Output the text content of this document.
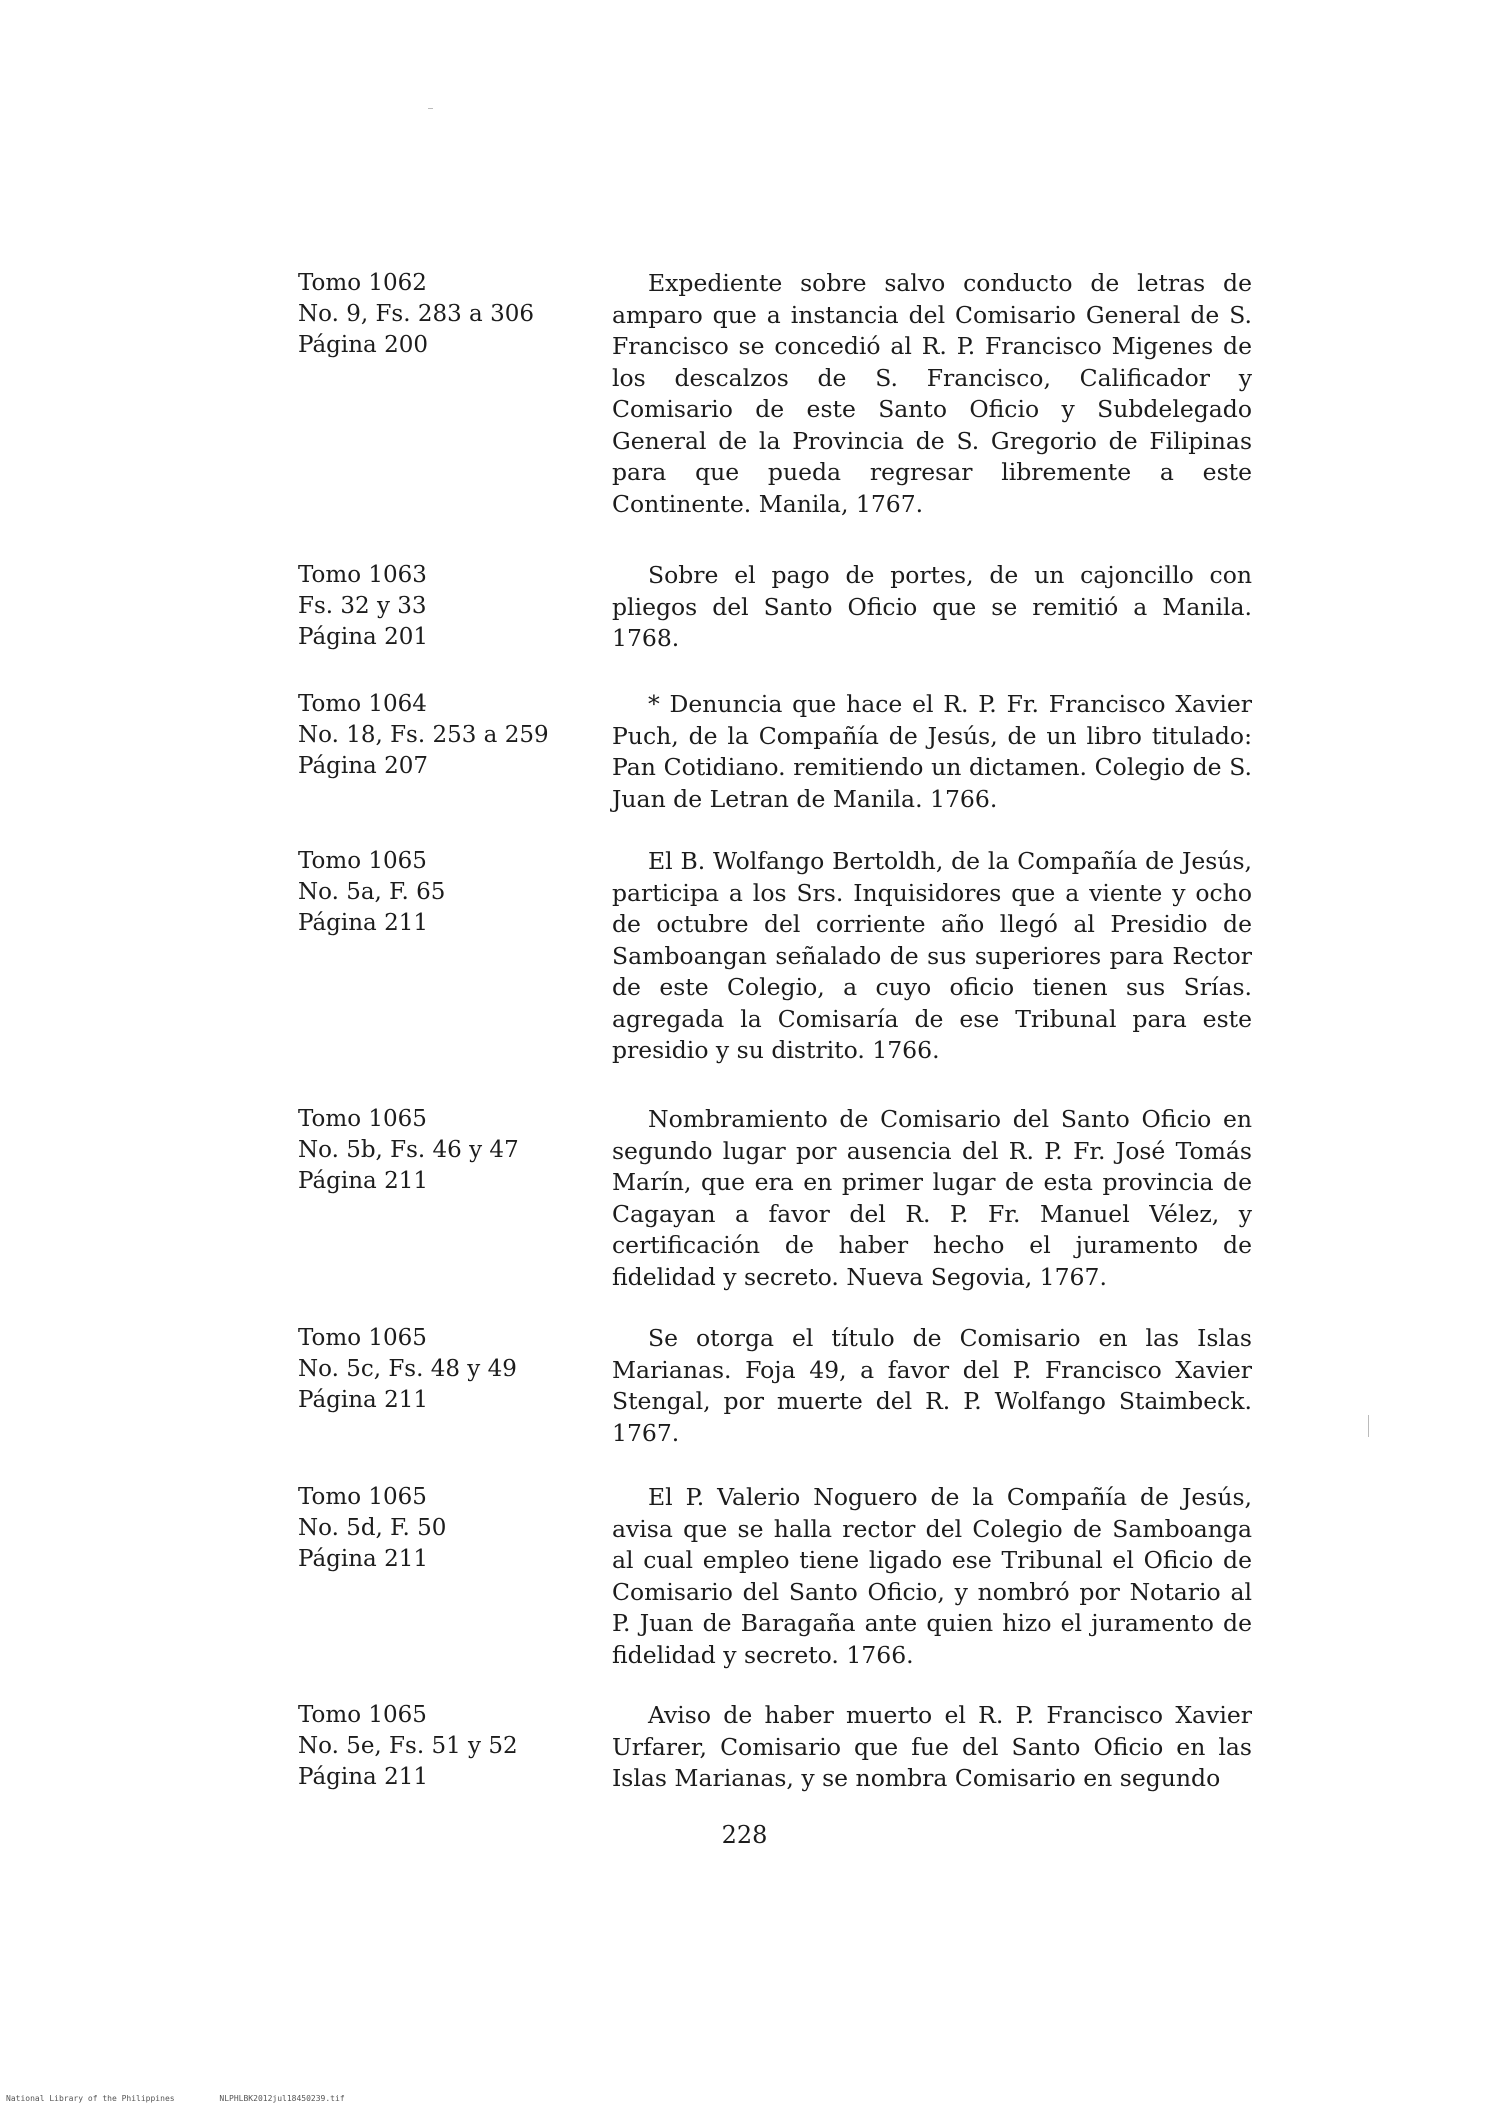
Tomo 1062
No. 9, Fs. 283 a 306
Página 200
Expediente sobre salvo conducto de letras de amparo que a instancia del Comisario General de S. Francisco se concedió al R. P. Francisco Migenes de los descalzos de S. Francisco, Calificador y Comisario de este Santo Oficio y Subdelegado General de la Provincia de S. Gregorio de Filipinas para que pueda regresar libremente a este Continente. Manila, 1767.
Tomo 1063
Fs. 32 y 33
Página 201
Sobre el pago de portes, de un cajoncillo con pliegos del Santo Oficio que se remitió a Manila. 1768.
Tomo 1064
No. 18, Fs. 253 a 259
Página 207
* Denuncia que hace el R. P. Fr. Francisco Xavier Puch, de la Compañía de Jesús, de un libro titulado: Pan Cotidiano. remitiendo un dictamen. Colegio de S. Juan de Letran de Manila. 1766.
Tomo 1065
No. 5a, F. 65
Página 211
El B. Wolfango Bertoldh, de la Compañía de Jesús, participa a los Srs. Inquisidores que a viente y ocho de octubre del corriente año llegó al Presidio de Samboangan señalado de sus superiores para Rector de este Colegio, a cuyo oficio tienen sus Srías. agregada la Comisaría de ese Tribunal para este presidio y su distrito. 1766.
Tomo 1065
No. 5b, Fs. 46 y 47
Página 211
Nombramiento de Comisario del Santo Oficio en segundo lugar por ausencia del R. P. Fr. José Tomás Marín, que era en primer lugar de esta provincia de Cagayan a favor del R. P. Fr. Manuel Vélez, y certificación de haber hecho el juramento de fidelidad y secreto. Nueva Segovia, 1767.
Tomo 1065
No. 5c, Fs. 48 y 49
Página 211
Se otorga el título de Comisario en las Islas Marianas. Foja 49, a favor del P. Francisco Xavier Stengal, por muerte del R. P. Wolfango Staimbeck. 1767.
Tomo 1065
No. 5d, F. 50
Página 211
El P. Valerio Noguero de la Compañía de Jesús, avisa que se halla rector del Colegio de Samboanga al cual empleo tiene ligado ese Tribunal el Oficio de Comisario del Santo Oficio, y nombró por Notario al P. Juan de Baragaña ante quien hizo el juramento de fidelidad y secreto. 1766.
Tomo 1065
No. 5e, Fs. 51 y 52
Página 211
Aviso de haber muerto el R. P. Francisco Xavier Urfarer, Comisario que fue del Santo Oficio en las Islas Marianas, y se nombra Comisario en segundo
228
National Library of the Philippines	NLPHLBK2012jul18450239.tif
